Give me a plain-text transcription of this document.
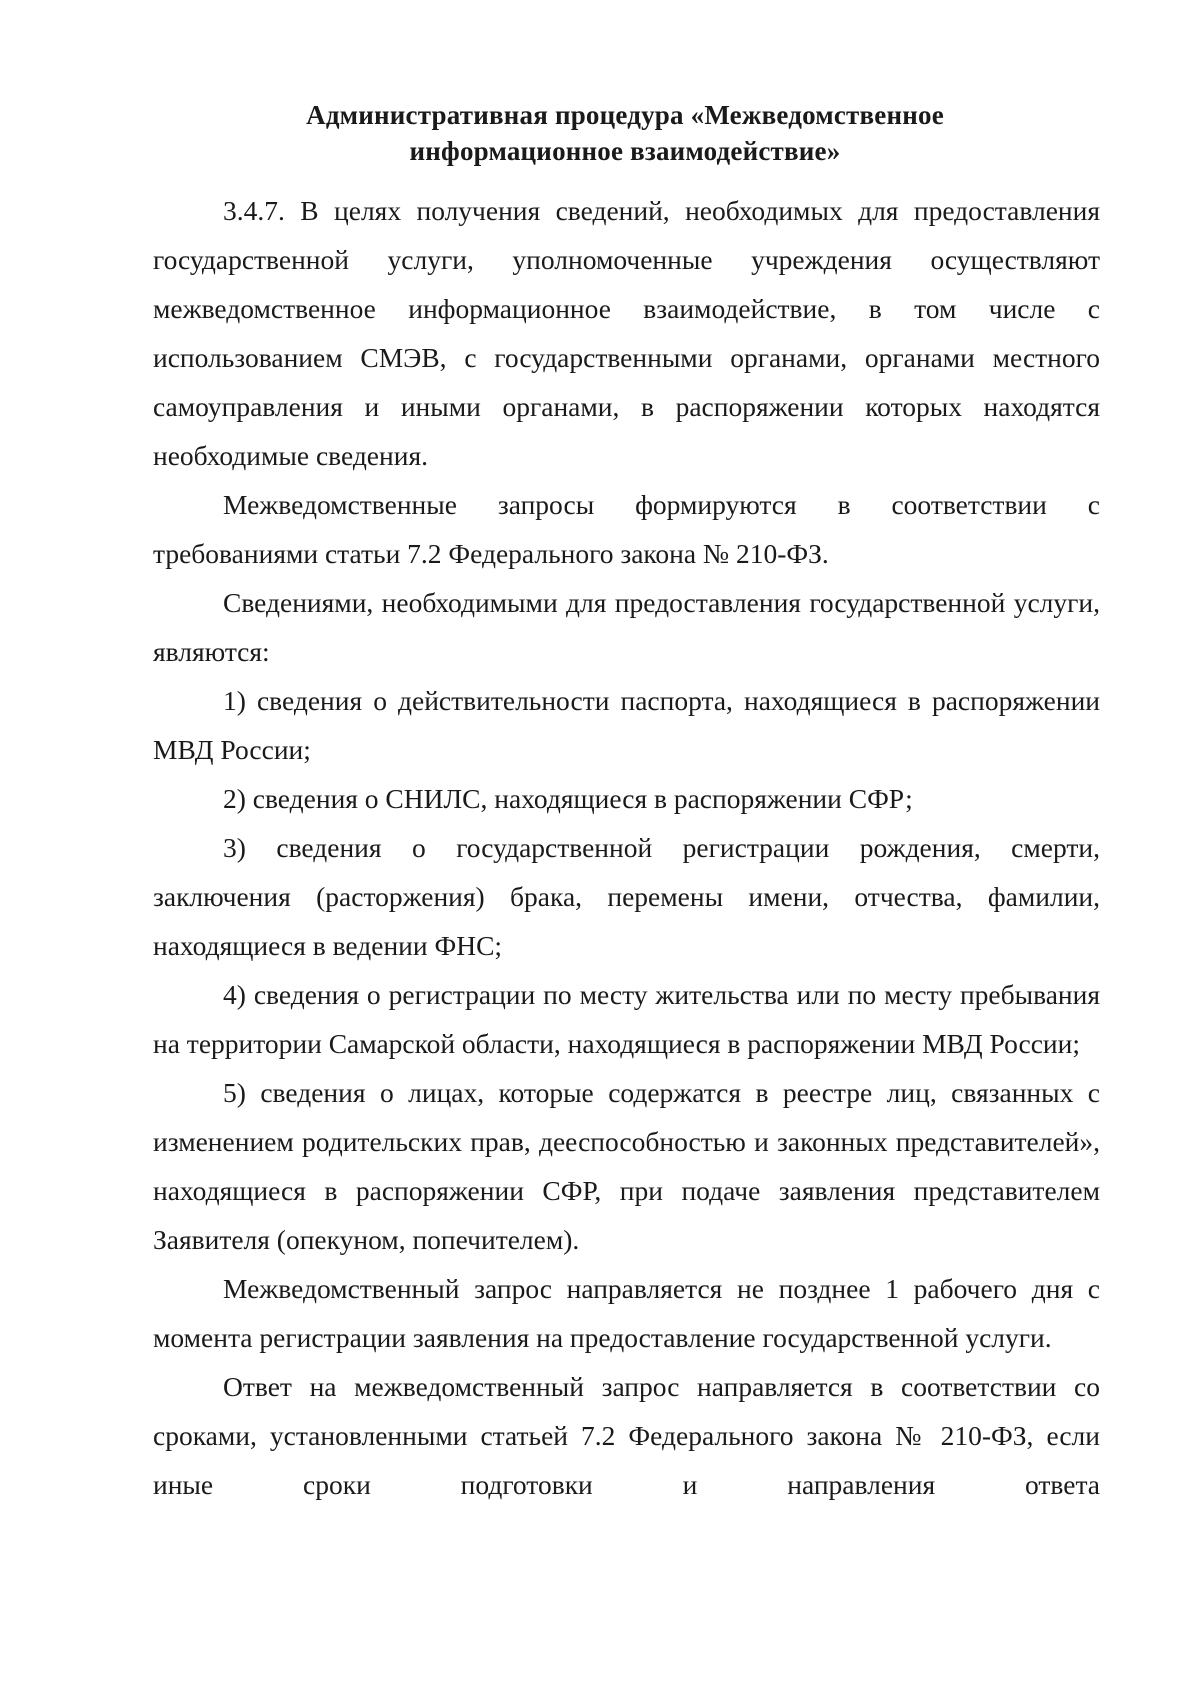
Административная процедура «Межведомственное
информационное взаимодействие»

3.4.7. В целях получения сведений, необходимых для предоставления государственной услуги, уполномоченные учреждения осуществляют межведомственное информационное взаимодействие, в том числе с использованием СМЭВ, с государственными органами, органами местного самоуправления и иными органами, в распоряжении которых находятся необходимые сведения.

Межведомственные запросы формируются в соответствии с требованиями статьи 7.2 Федерального закона № 210-ФЗ.

Сведениями, необходимыми для предоставления государственной услуги, являются:

1) сведения о действительности паспорта, находящиеся в распоряжении МВД России;

2) сведения о СНИЛС, находящиеся в распоряжении СФР;

3) сведения о государственной регистрации рождения, смерти, заключения (расторжения) брака, перемены имени, отчества, фамилии, находящиеся в ведении ФНС;

4) сведения о регистрации по месту жительства или по месту пребывания на территории Самарской области, находящиеся в распоряжении МВД России;

5) сведения о лицах, которые содержатся в реестре лиц, связанных с изменением родительских прав, дееспособностью и законных представителей», находящиеся в распоряжении СФР, при подаче заявления представителем Заявителя (опекуном, попечителем).

Межведомственный запрос направляется не позднее 1 рабочего дня с момента регистрации заявления на предоставление государственной услуги.

Ответ на межведомственный запрос направляется в соответствии со сроками, установленными статьей 7.2 Федерального закона № 210-ФЗ, если иные сроки подготовки и направления ответа
